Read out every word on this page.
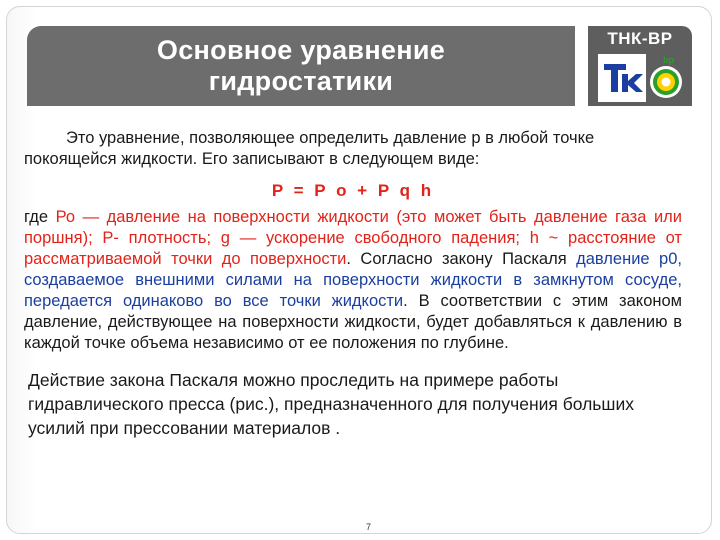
Основное уравнение
гидростатики
ТНК-ВР
bp

Это уравнение, позволяющее определить давление р в любой точке покоящейся жидкости. Его записывают в следующем виде:

P = P o + P q h

где Ро — давление на поверхности жидкости (это может быть давление газа или поршня); Р- плотность; g — ускорение свободного падения; h ~ расстояние от рассматриваемой точки до поверхности. Согласно закону Паскаля давление р0, создаваемое внешними силами на поверхности жидкости в замкнутом сосуде, передается одинаково во все точки жидкости. В соответствии с этим законом давление, действующее на поверхности жидкости, будет добавляться к давлению в каждой точке объема независимо от ее положения по глубине.

Действие закона Паскаля можно проследить на примере работы гидравлического пресса (рис.), предназначенного для получения больших усилий при прессовании материалов .

7
